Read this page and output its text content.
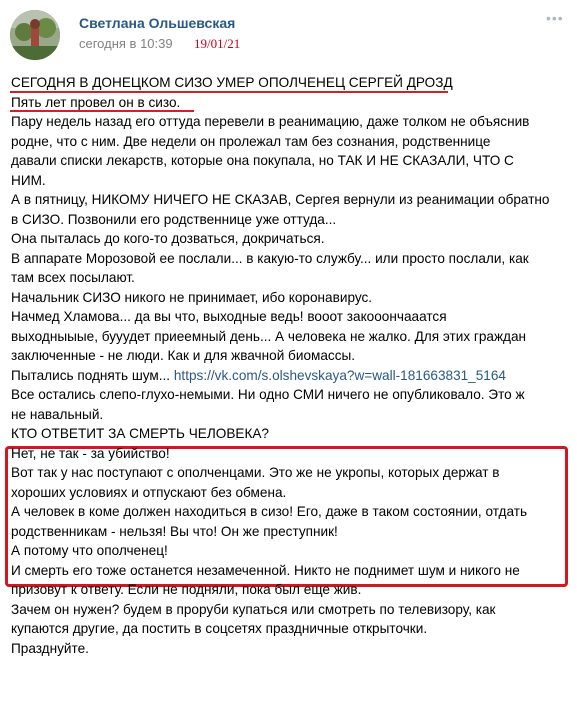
Светлана Ольшевская
сегодня в 10:39 19/01/21
•••

СЕГОДНЯ В ДОНЕЦКОМ СИЗО УМЕР ОПОЛЧЕНЕЦ СЕРГЕЙ ДРОЗД

Пять лет провел он в сизо.

Пару недель назад его оттуда перевели в реанимацию, даже толком не объяснив

родне, что с ним. Две недели он пролежал там без сознания, родственнице

давали списки лекарств, которые она покупала, но ТАК И НЕ СКАЗАЛИ, ЧТО С

НИМ.

А в пятницу, НИКОМУ НИЧЕГО НЕ СКАЗАВ, Сергея вернули из реанимации обратно

в СИЗО. Позвонили его родственнице уже оттуда...

Она пыталась до кого-то дозваться, докричаться.

В аппарате Морозовой ее послали... в какую-то службу... или просто послали, как

там всех посылают.

Начальник СИЗО никого не принимает, ибо коронавирус.

Начмед Хламова... да вы что, выходные ведь! вооот закооончааатся

выходныыые, бууудет приеемный день... А человека не жалко. Для этих граждан

заключенные - не люди. Как и для жвачной биомассы.

Пытались поднять шум... https://vk.com/s.olshevskaya?w=wall-181663831_5164

Все остались слепо-глухо-немыми. Ни одно СМИ ничего не опубликовало. Это ж

не навальный.

КТО ОТВЕТИТ ЗА СМЕРТЬ ЧЕЛОВЕКА?

Нет, не так - за убийство!

Вот так у нас поступают с ополченцами. Это же не укропы, которых держат в

хороших условиях и отпускают без обмена.

А человек в коме должен находиться в сизо! Его, даже в таком состоянии, отдать

родственникам - нельзя! Вы что! Он же преступник!

А потому что ополченец!

И смерть его тоже останется незамеченной. Никто не поднимет шум и никого не

призовут к ответу. Если не подняли, пока был еще жив.

Зачем он нужен? будем в проруби купаться или смотреть по телевизору, как

купаются другие, да постить в соцсетях праздничные открыточки.

Празднуйте.
